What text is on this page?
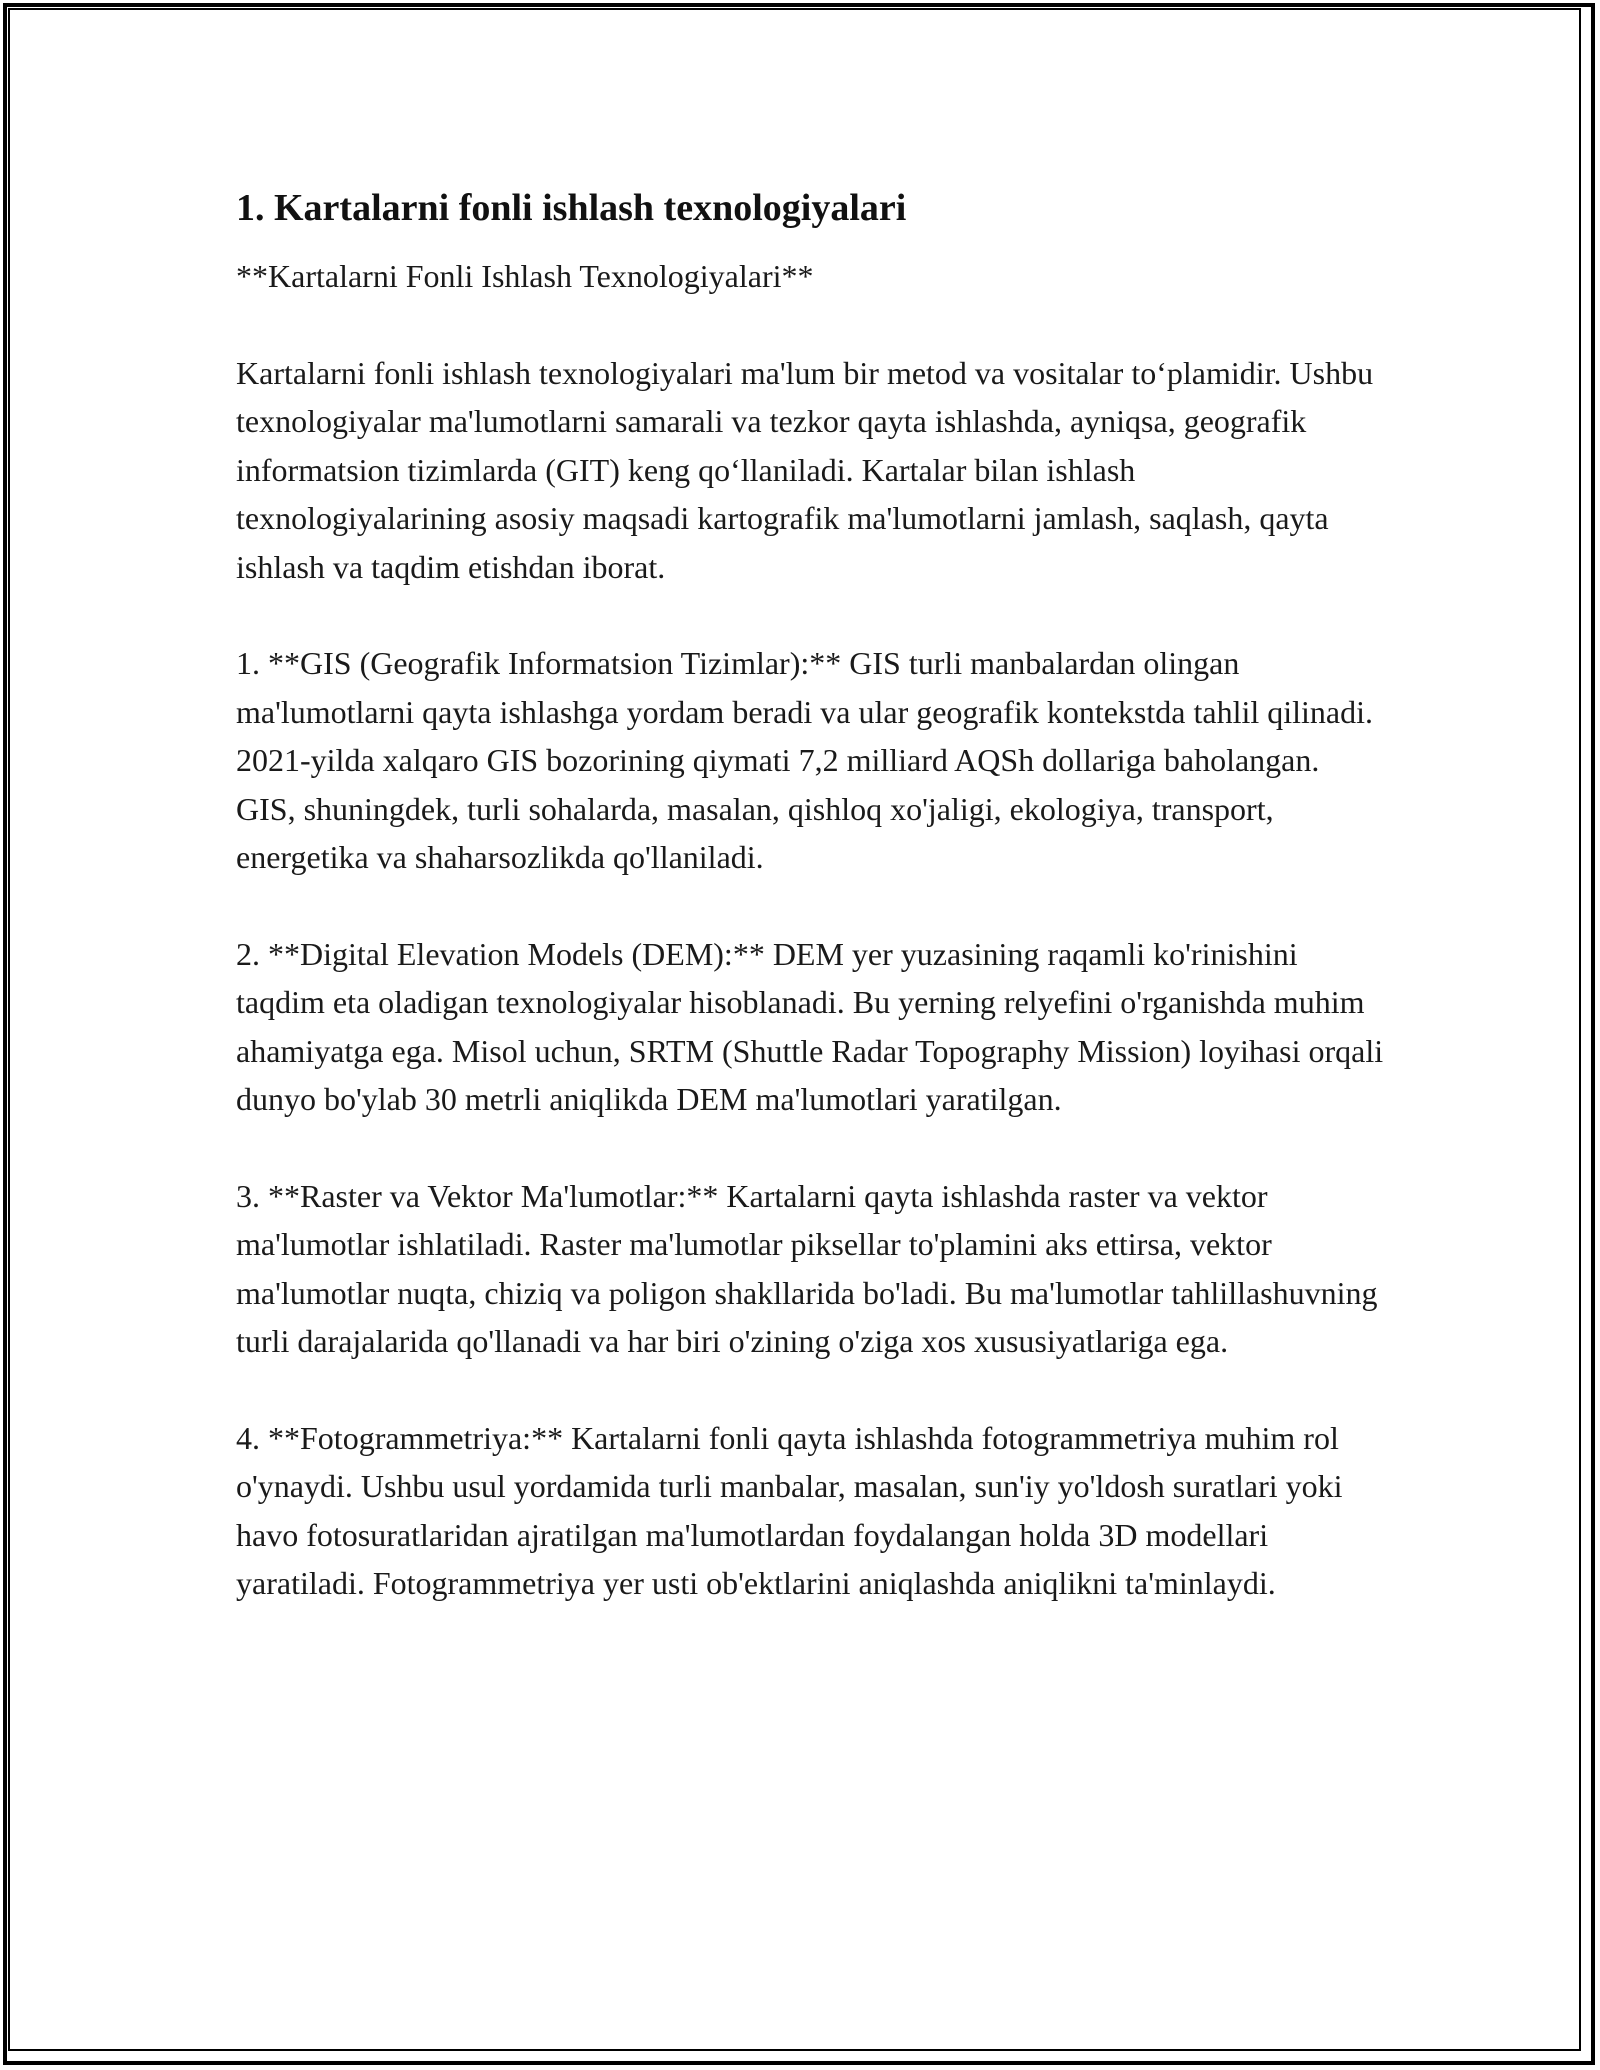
1. Kartalarni fonli ishlash texnologiyalari

**Kartalarni Fonli Ishlash Texnologiyalari**

Kartalarni fonli ishlash texnologiyalari ma'lum bir metod va vositalar to‘plamidir. Ushbu texnologiyalar ma'lumotlarni samarali va tezkor qayta ishlashda, ayniqsa, geografik informatsion tizimlarda (GIT) keng qo‘llaniladi. Kartalar bilan ishlash texnologiyalarining asosiy maqsadi kartografik ma'lumotlarni jamlash, saqlash, qayta ishlash va taqdim etishdan iborat.

1. **GIS (Geografik Informatsion Tizimlar):** GIS turli manbalardan olingan ma'lumotlarni qayta ishlashga yordam beradi va ular geografik kontekstda tahlil qilinadi. 2021-yilda xalqaro GIS bozorining qiymati 7,2 milliard AQSh dollariga baholangan. GIS, shuningdek, turli sohalarda, masalan, qishloq xo'jaligi, ekologiya, transport, energetika va shaharsozlikda qo'llaniladi.

2. **Digital Elevation Models (DEM):** DEM yer yuzasining raqamli ko'rinishini taqdim eta oladigan texnologiyalar hisoblanadi. Bu yerning relyefini o'rganishda muhim ahamiyatga ega. Misol uchun, SRTM (Shuttle Radar Topography Mission) loyihasi orqali dunyo bo'ylab 30 metrli aniqlikda DEM ma'lumotlari yaratilgan.

3. **Raster va Vektor Ma'lumotlar:** Kartalarni qayta ishlashda raster va vektor ma'lumotlar ishlatiladi. Raster ma'lumotlar piksellar to'plamini aks ettirsa, vektor ma'lumotlar nuqta, chiziq va poligon shakllarida bo'ladi. Bu ma'lumotlar tahlillashuvning turli darajalarida qo'llanadi va har biri o'zining o'ziga xos xususiyatlariga ega.

4. **Fotogrammetriya:** Kartalarni fonli qayta ishlashda fotogrammetriya muhim rol o'ynaydi. Ushbu usul yordamida turli manbalar, masalan, sun'iy yo'ldosh suratlari yoki havo fotosuratlaridan ajratilgan ma'lumotlardan foydalangan holda 3D modellari yaratiladi. Fotogrammetriya yer usti ob'ektlarini aniqlashda aniqlikni ta'minlaydi.
